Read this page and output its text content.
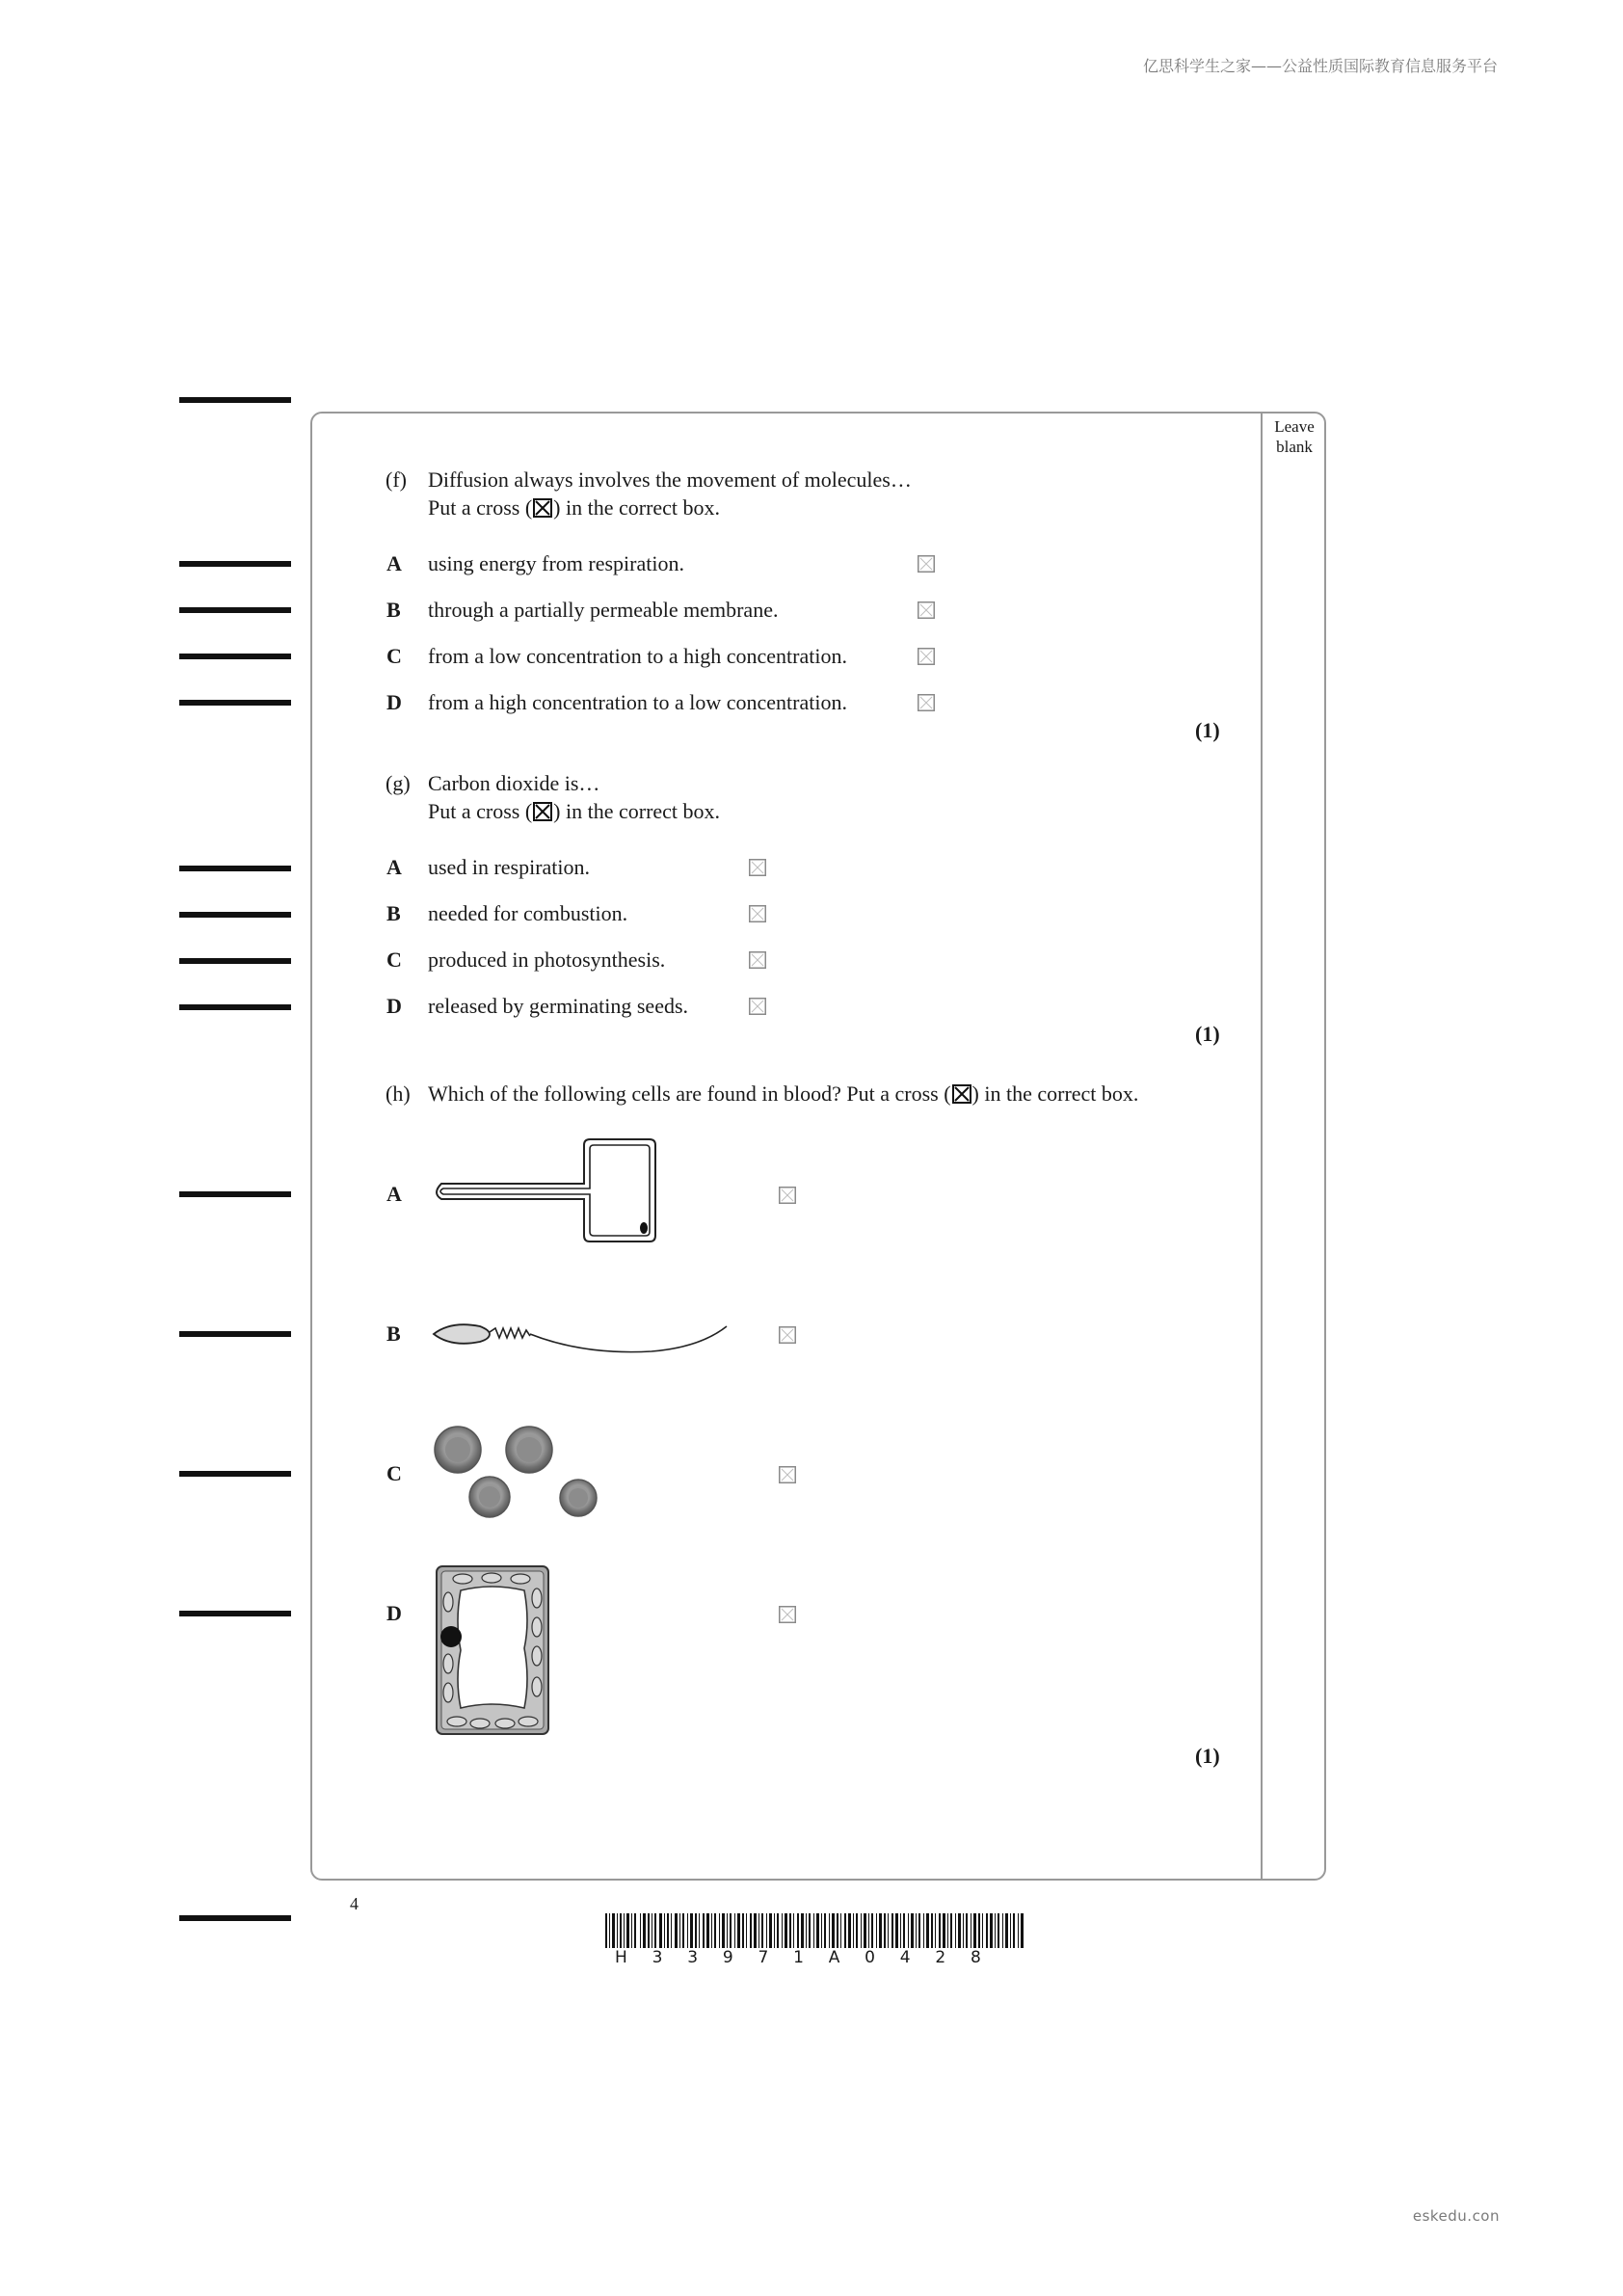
亿思科学生之家——公益性质国际教育信息服务平台
eskedu.con
Leave blank
(f) Diffusion always involves the movement of molecules…
Put a cross (☒) in the correct box.
A using energy from respiration.
B through a partially permeable membrane.
C from a low concentration to a high concentration.
D from a high concentration to a low concentration.
(1)
(g) Carbon dioxide is…
Put a cross (☒) in the correct box.
A used in respiration.
B needed for combustion.
C produced in photosynthesis.
D released by germinating seeds.
(1)
(h) Which of the following cells are found in blood? Put a cross (☒) in the correct box.
A
B
C
D
(1)
4
H  3  3  9  7  1  A  0  4  2  8
